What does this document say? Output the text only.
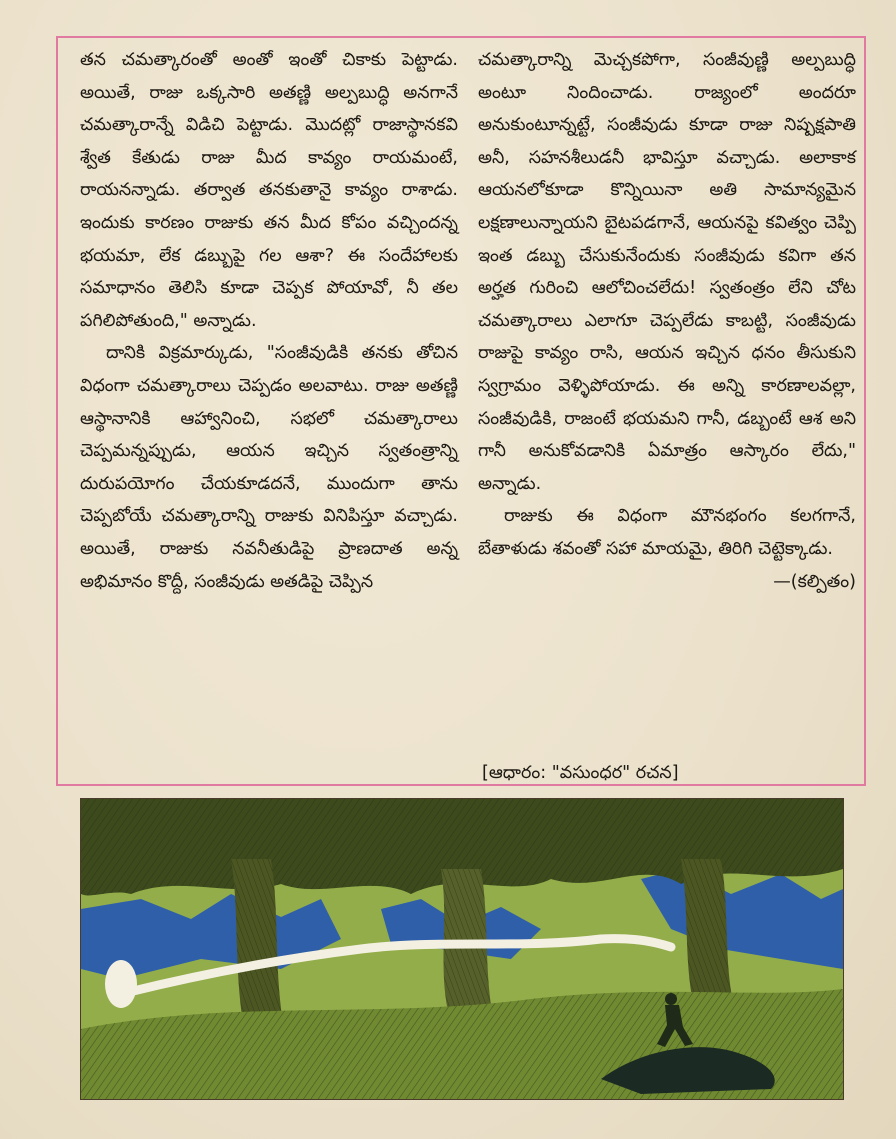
తన చమత్కారంతో అంతో ఇంతో చికాకు పెట్టాడు. అయితే, రాజు ఒక్కసారి అతణ్ణి అల్పబుద్ధి అనగానే చమత్కారాన్నే విడిచి పెట్టాడు. మొదట్లో రాజాస్థానకవి శ్వేత కేతుడు రాజు మీద కావ్యం రాయమంటే, రాయనన్నాడు. తర్వాత తనకుతానై కావ్యం రాశాడు. ఇందుకు కారణం రాజుకు తన మీద కోపం వచ్చిందన్న భయమా, లేక డబ్బుపై గల ఆశా? ఈ సందేహాలకు సమాధానం తెలిసి కూడా చెప్పక పోయావో, నీ తల పగిలిపోతుంది," అన్నాడు.

దానికి విక్రమార్కుడు, "సంజీవుడికి తనకు తోచిన విధంగా చమత్కారాలు చెప్పడం అలవాటు. రాజు అతణ్ణి ఆస్థానానికి ఆహ్వానించి, సభలో చమత్కారాలు చెప్పమన్నప్పుడు, ఆయన ఇచ్చిన స్వతంత్రాన్ని దురుపయోగం చేయకూడదనే, ముందుగా తాను చెప్పబోయే చమత్కారాన్ని రాజుకు వినిపిస్తూ వచ్చాడు. అయితే, రాజుకు నవనీతుడిపై ప్రాణదాత అన్న అభిమానం కొద్దీ, సంజీవుడు అతడిపై చెప్పిన

చమత్కారాన్ని మెచ్చకపోగా, సంజీవుణ్ణి అల్పబుద్ధి అంటూ నిందించాడు. రాజ్యంలో అందరూ అనుకుంటూన్నట్టే, సంజీవుడు కూడా రాజు నిష్పక్షపాతి అనీ, సహనశీలుడనీ భావిస్తూ వచ్చాడు. అలాకాక ఆయనలోకూడా కొన్నియినా అతి సామాన్యమైన లక్షణాలున్నాయని బైటపడగానే, ఆయనపై కవిత్వం చెప్పి ఇంత డబ్బు చేసుకునేందుకు సంజీవుడు కవిగా తన అర్హత గురించి ఆలోచించలేదు! స్వతంత్రం లేని చోట చమత్కారాలు ఎలాగూ చెప్పలేడు కాబట్టి, సంజీవుడు రాజుపై కావ్యం రాసి, ఆయన ఇచ్చిన ధనం తీసుకుని స్వగ్రామం వెళ్ళిపోయాడు. ఈ అన్ని కారణాలవల్లా, సంజీవుడికి, రాజంటే భయమని గానీ, డబ్బంటే ఆశ అని గానీ అనుకోవడానికి ఏమాత్రం ఆస్కారం లేదు," అన్నాడు.

రాజుకు ఈ విధంగా మౌనభంగం కలగగానే, బేతాళుడు శవంతో సహా మాయమై, తిరిగి చెట్టెక్కాడు.
—(కల్పితం)

[ఆధారం: "వసుంధర" రచన]
